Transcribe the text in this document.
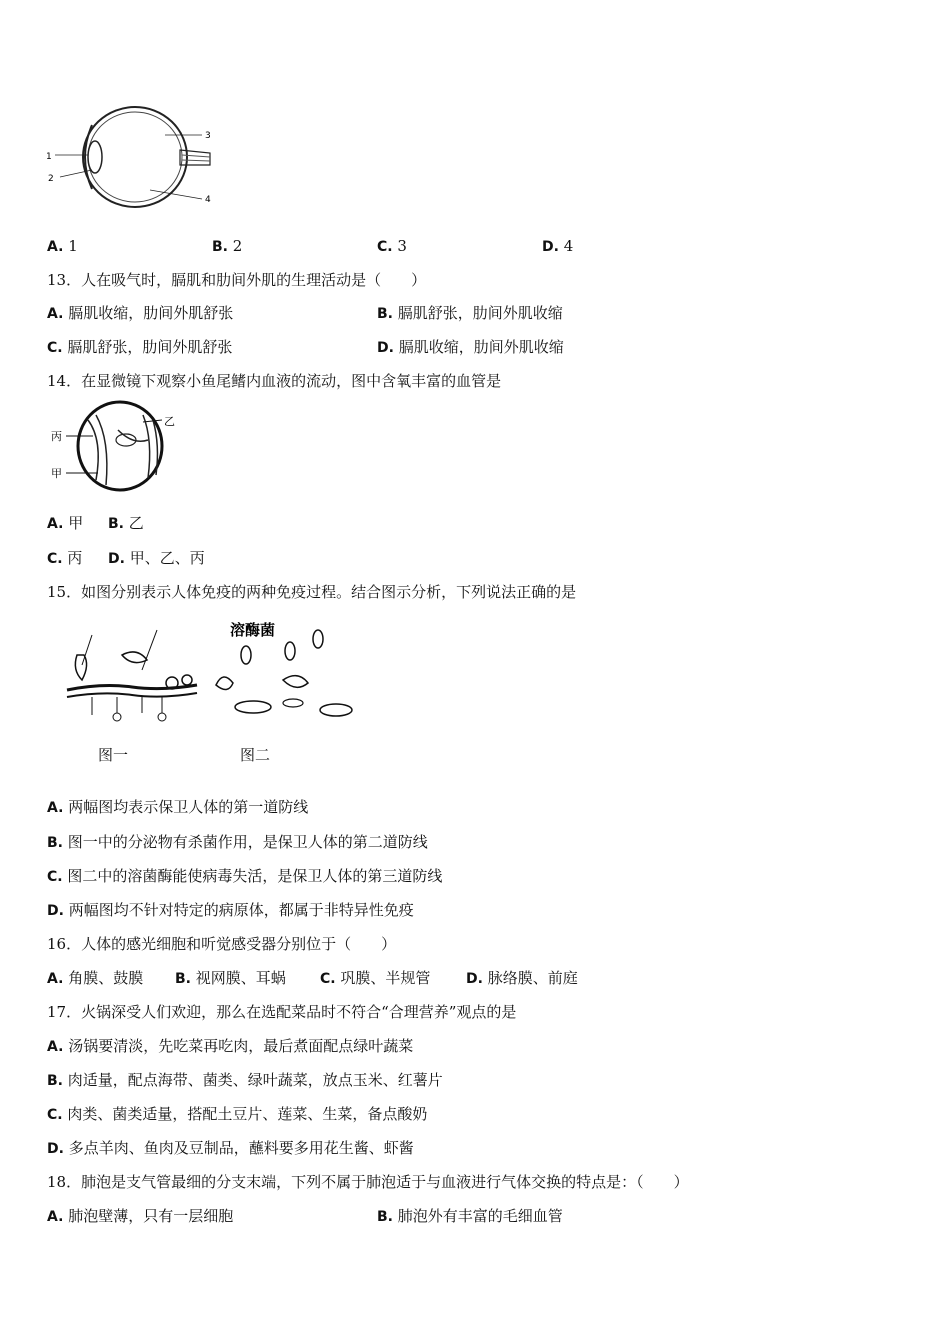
1
2
3
4
A. 1	B. 2	C. 3	D. 4
13．人在吸气时，膈肌和肋间外肌的生理活动是（　　）
A. 膈肌收缩，肋间外肌舒张	B. 膈肌舒张，肋间外肌收缩
C. 膈肌舒张，肋间外肌舒张	D. 膈肌收缩，肋间外肌收缩
14．在显微镜下观察小鱼尾鳍内血液的流动，图中含氧丰富的血管是
乙
丙
甲
A. 甲 B. 乙
C. 丙 D. 甲、乙、丙
15．如图分别表示人体免疫的两种免疫过程。结合图示分析，下列说法正确的是
溶酶菌
图一	图二
A. 两幅图均表示保卫人体的第一道防线
B. 图一中的分泌物有杀菌作用，是保卫人体的第二道防线
C. 图二中的溶菌酶能使病毒失活，是保卫人体的第三道防线
D. 两幅图均不针对特定的病原体，都属于非特异性免疫
16．人体的感光细胞和听觉感受器分别位于（　　）
A. 角膜、鼓膜 B. 视网膜、耳蜗 C. 巩膜、半规管	D. 脉络膜、前庭
17．火锅深受人们欢迎，那么在选配菜品时不符合“合理营养”观点的是
A. 汤锅要清淡，先吃菜再吃肉，最后煮面配点绿叶蔬菜
B. 肉适量，配点海带、菌类、绿叶蔬菜，放点玉米、红薯片
C. 肉类、菌类适量，搭配土豆片、莲菜、生菜，备点酸奶
D. 多点羊肉、鱼肉及豆制品，蘸料要多用花生酱、虾酱
18．肺泡是支气管最细的分支末端，下列不属于肺泡适于与血液进行气体交换的特点是：（　　）
A. 肺泡壁薄，只有一层细胞	B. 肺泡外有丰富的毛细血管
